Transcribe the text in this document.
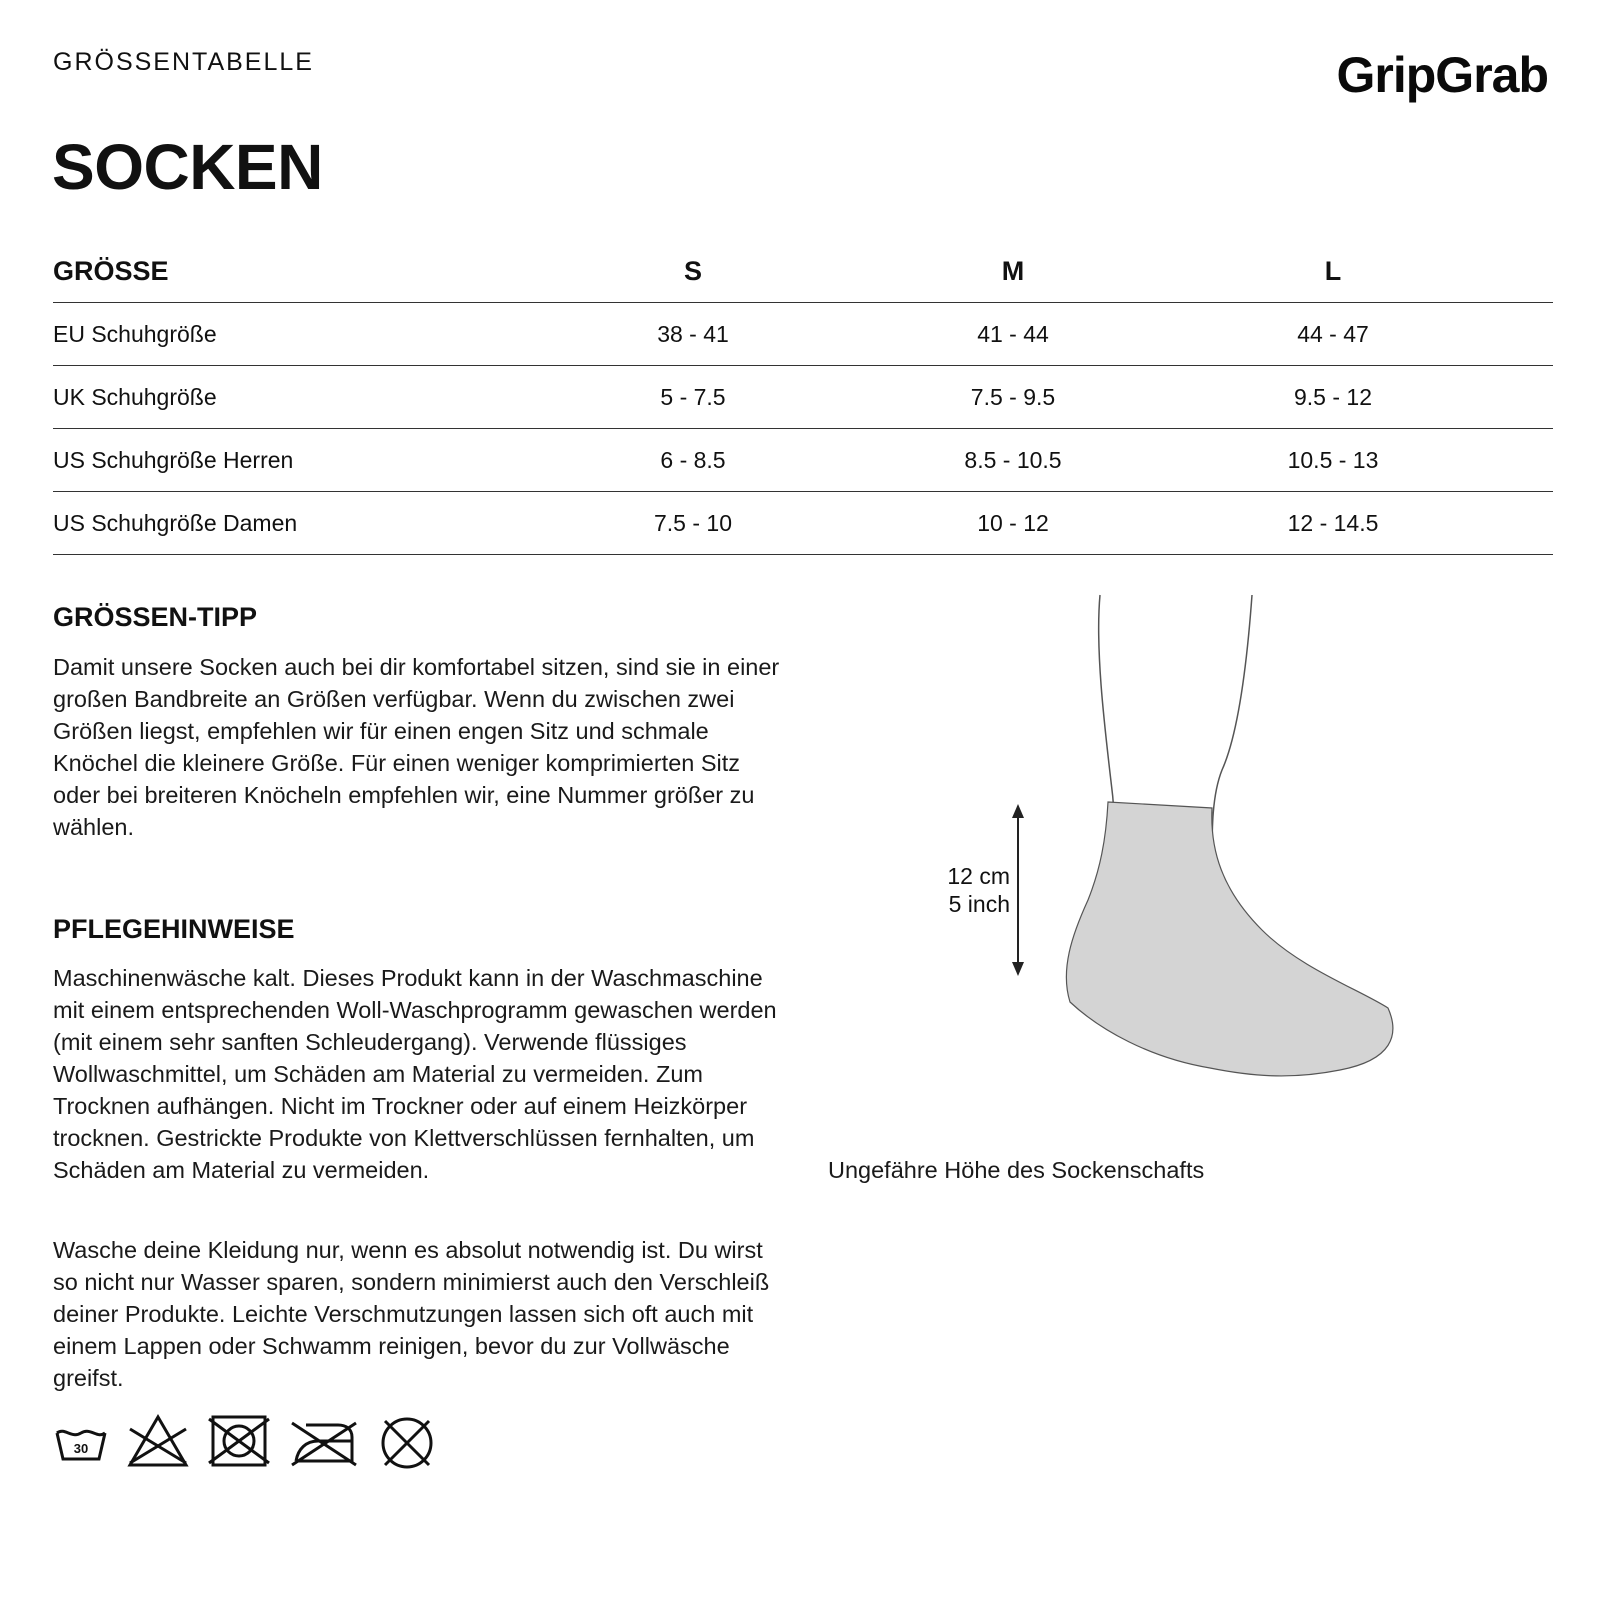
GRÖSSENTABELLE	GripGrab
SOCKEN
GRÖSSE	S	M	L
EU Schuhgröße	38 - 41	41 - 44	44 - 47
UK Schuhgröße	5 - 7.5	7.5 - 9.5	9.5 - 12
US Schuhgröße Herren	6 - 8.5	8.5 - 10.5	10.5 - 13
US Schuhgröße Damen	7.5 - 10	10 - 12	12 - 14.5
GRÖSSEN-TIPP

Damit unsere Socken auch bei dir komfortabel sitzen, sind sie in einer großen Bandbreite an Größen verfügbar. Wenn du zwischen zwei Größen liegst, empfehlen wir für einen engen Sitz und schmale Knöchel die kleinere Größe. Für einen weniger komprimierten Sitz oder bei breiteren Knöcheln empfehlen wir, eine Nummer größer zu wählen.

PFLEGEHINWEISE

Maschinenwäsche kalt. Dieses Produkt kann in der Waschmaschine mit einem entsprechenden Woll-Waschprogramm gewaschen werden (mit einem sehr sanften Schleudergang). Verwende flüssiges Wollwaschmittel, um Schäden am Material zu vermeiden. Zum Trocknen aufhängen. Nicht im Trockner oder auf einem Heizkörper trocknen. Gestrickte Produkte von Klettverschlüssen fernhalten, um Schäden am Material zu vermeiden.

Wasche deine Kleidung nur, wenn es absolut notwendig ist. Du wirst so nicht nur Wasser sparen, sondern minimierst auch den Verschleiß deiner Produkte. Leichte Verschmutzungen lassen sich oft auch mit einem Lappen oder Schwamm reinigen, bevor du zur Vollwäsche greifst.

12 cm
5 inch
Ungefähre Höhe des Sockenschafts
30
